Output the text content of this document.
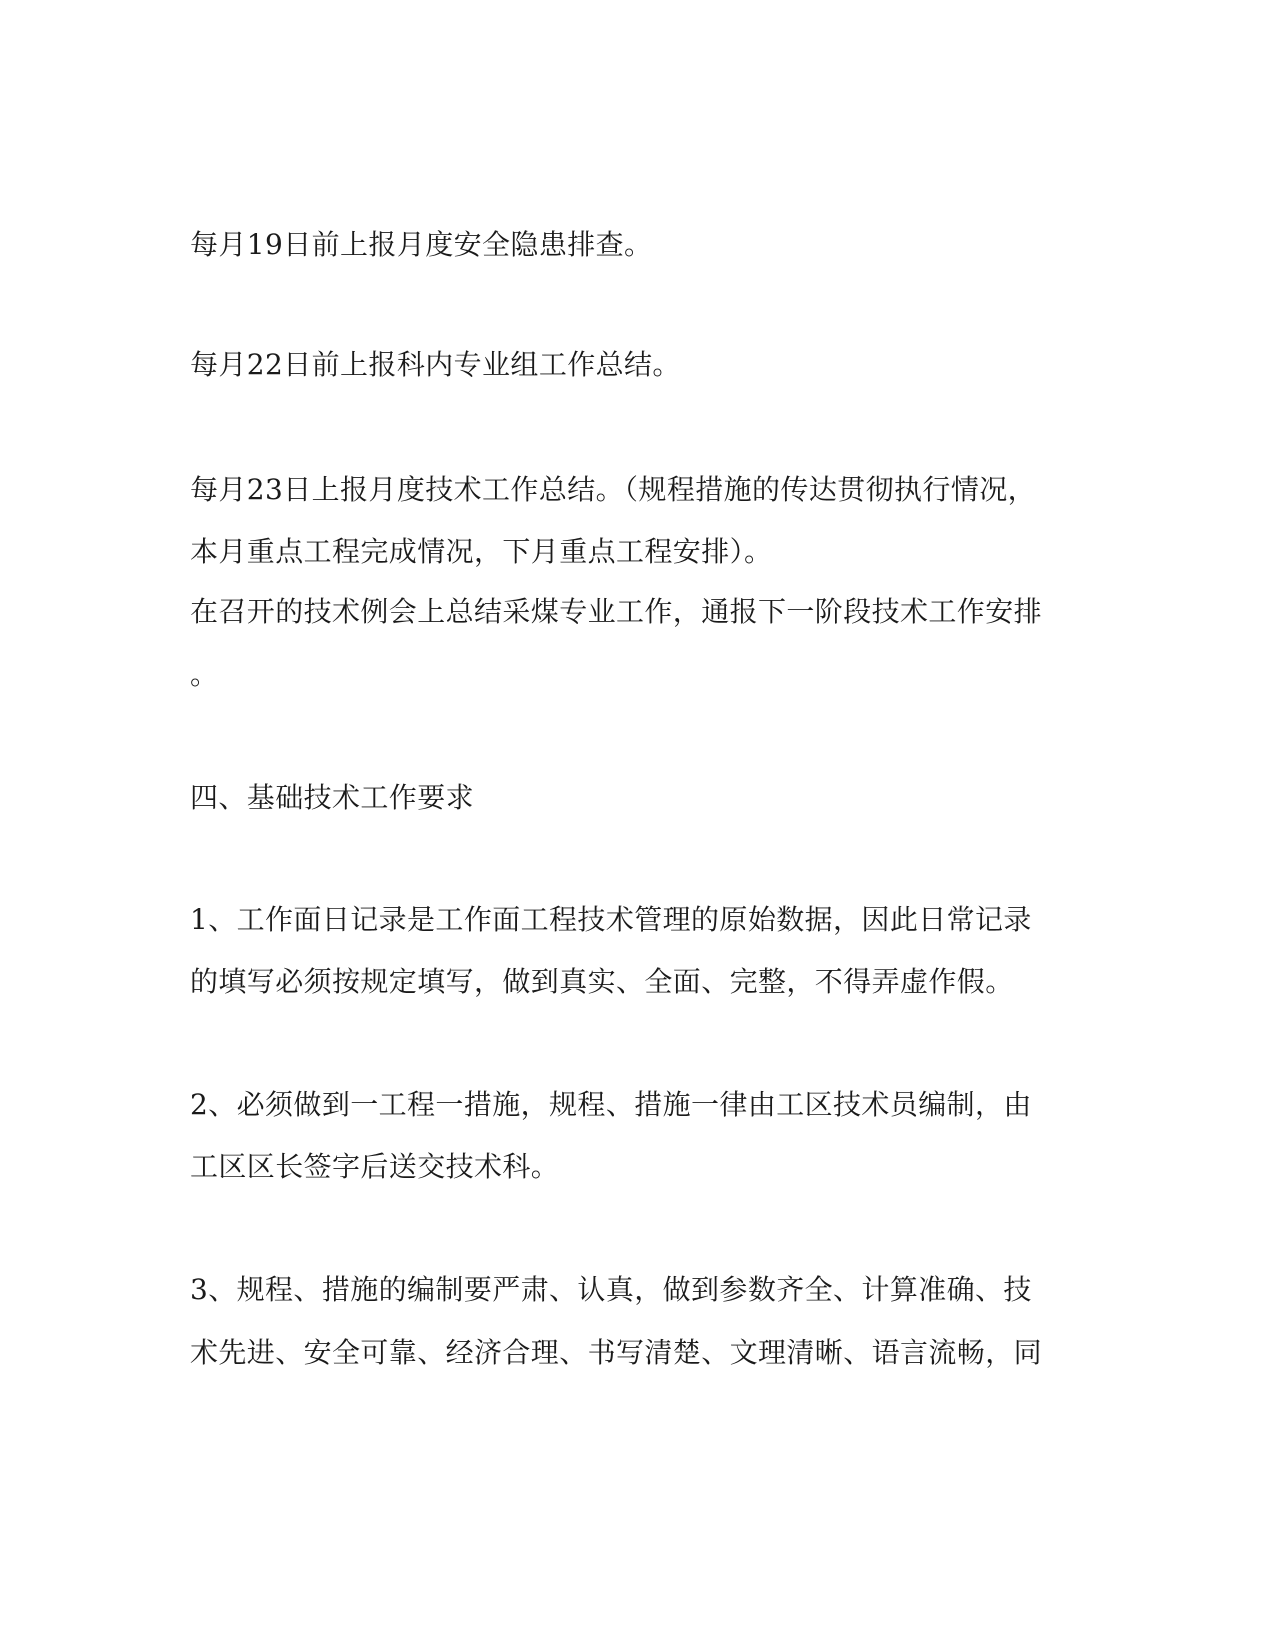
每月19日前上报月度安全隐患排查。

每月22日前上报科内专业组工作总结。

每月23日上报月度技术工作总结。（规程措施的传达贯彻执行情况，

本月重点工程完成情况，下月重点工程安排）。

在召开的技术例会上总结采煤专业工作，通报下一阶段技术工作安排

。

四、基础技术工作要求

1、工作面日记录是工作面工程技术管理的原始数据，因此日常记录

的填写必须按规定填写，做到真实、全面、完整，不得弄虚作假。

2、必须做到一工程一措施，规程、措施一律由工区技术员编制，由

工区区长签字后送交技术科。

3、规程、措施的编制要严肃、认真，做到参数齐全、计算准确、技

术先进、安全可靠、经济合理、书写清楚、文理清晰、语言流畅，同
